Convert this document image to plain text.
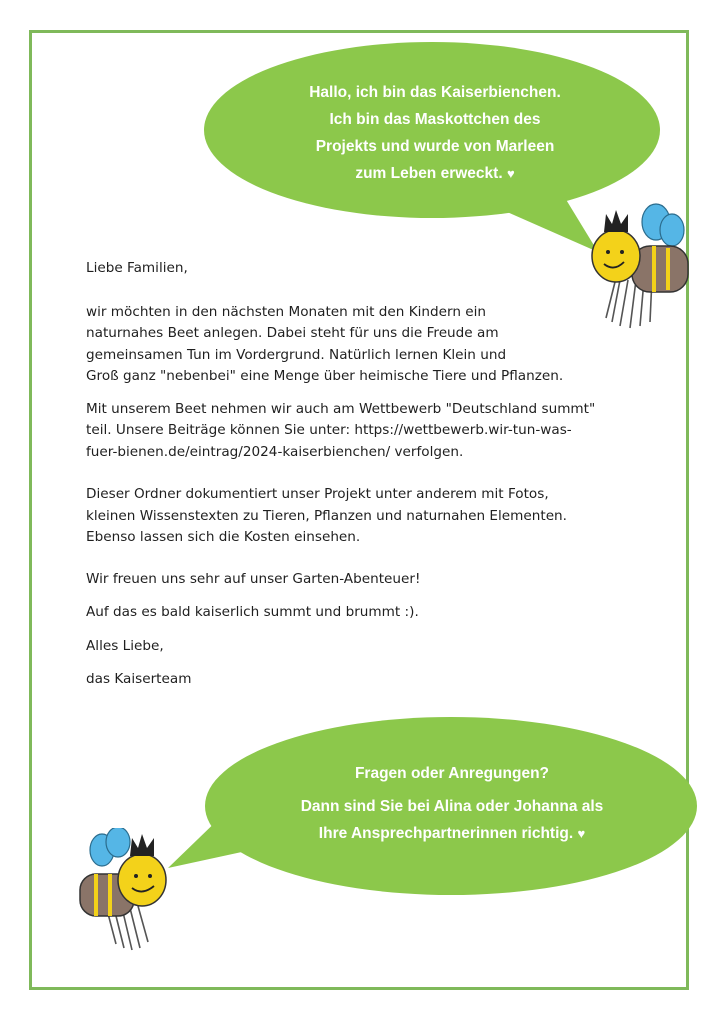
Hallo, ich bin das Kaiserbienchen.
Ich bin das Maskottchen des
Projekts und wurde von Marleen
zum Leben erweckt. ♥
Fragen oder Anregungen?
Dann sind Sie bei Alina oder Johanna als
Ihre Ansprechpartnerinnen richtig. ♥

Liebe Familien,

wir möchten in den nächsten Monaten mit den Kindern ein
naturnahes Beet anlegen. Dabei steht für uns die Freude am
gemeinsamen Tun im Vordergrund. Natürlich lernen Klein und
Groß ganz "nebenbei" eine Menge über heimische Tiere und Pflanzen.

Mit unserem Beet nehmen wir auch am Wettbewerb "Deutschland summt"
teil. Unsere Beiträge können Sie unter: https://wettbewerb.wir-tun-was-
fuer-bienen.de/eintrag/2024-kaiserbienchen/ verfolgen.

Dieser Ordner dokumentiert unser Projekt unter anderem mit Fotos,
kleinen Wissenstexten zu Tieren, Pflanzen und naturnahen Elementen.
Ebenso lassen sich die Kosten einsehen.

Wir freuen uns sehr auf unser Garten-Abenteuer!

Auf das es bald kaiserlich summt und brummt :).

Alles Liebe,

das Kaiserteam
